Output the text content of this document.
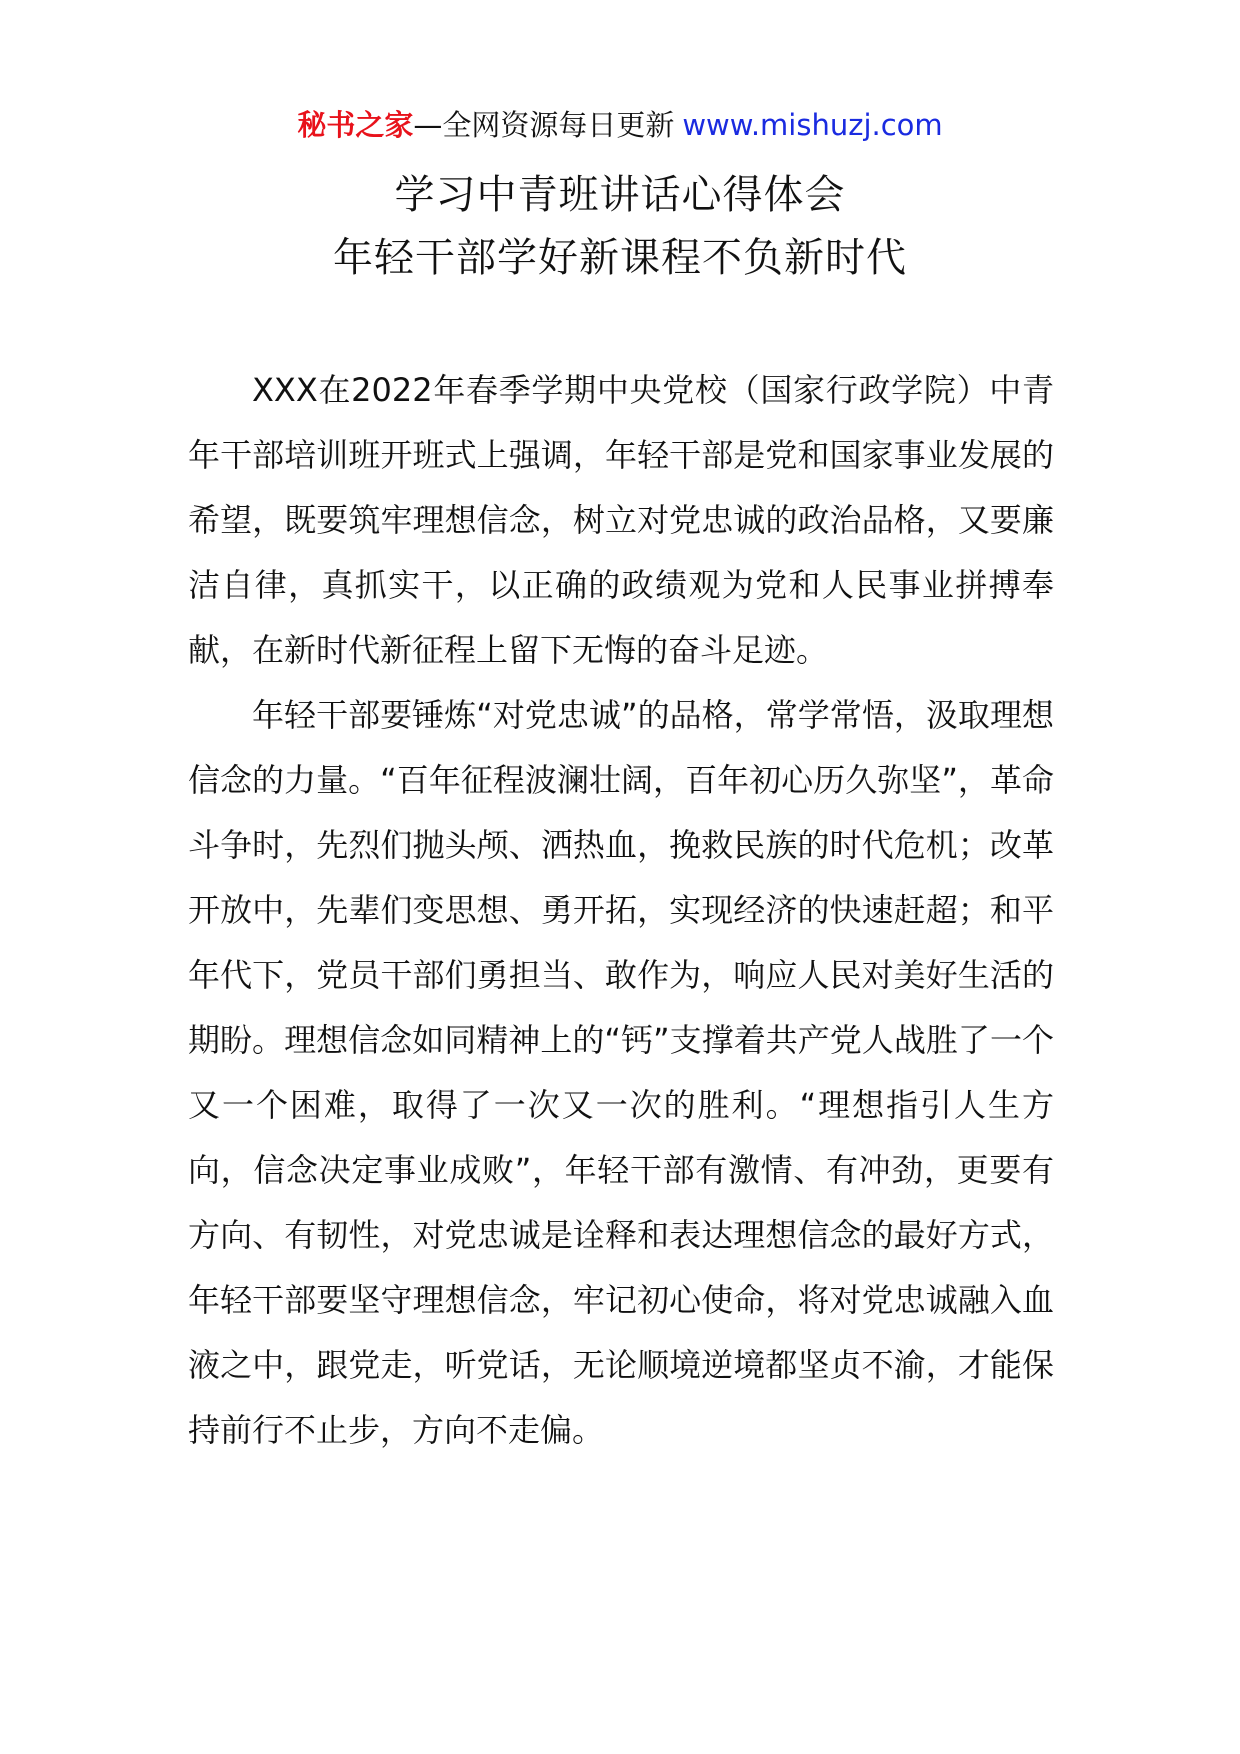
秘书之家—全网资源每日更新 www.mishuzj.com
学习中青班讲话心得体会
年轻干部学好新课程不负新时代

XXX在2022年春季学期中央党校（国家行政学院）中青年干部培训班开班式上强调，年轻干部是党和国家事业发展的希望，既要筑牢理想信念，树立对党忠诚的政治品格，又要廉洁自律，真抓实干，以正确的政绩观为党和人民事业拼搏奉献，在新时代新征程上留下无悔的奋斗足迹。

年轻干部要锤炼“对党忠诚”的品格，常学常悟，汲取理想信念的力量。“百年征程波澜壮阔，百年初心历久弥坚”，革命斗争时，先烈们抛头颅、洒热血，挽救民族的时代危机；改革开放中，先辈们变思想、勇开拓，实现经济的快速赶超；和平年代下，党员干部们勇担当、敢作为，响应人民对美好生活的期盼。理想信念如同精神上的“钙”支撑着共产党人战胜了一个又一个困难，取得了一次又一次的胜利。“理想指引人生方向，信念决定事业成败”，年轻干部有激情、有冲劲，更要有方向、有韧性，对党忠诚是诠释和表达理想信念的最好方式，年轻干部要坚守理想信念，牢记初心使命，将对党忠诚融入血液之中，跟党走，听党话，无论顺境逆境都坚贞不渝，才能保持前行不止步，方向不走偏。
